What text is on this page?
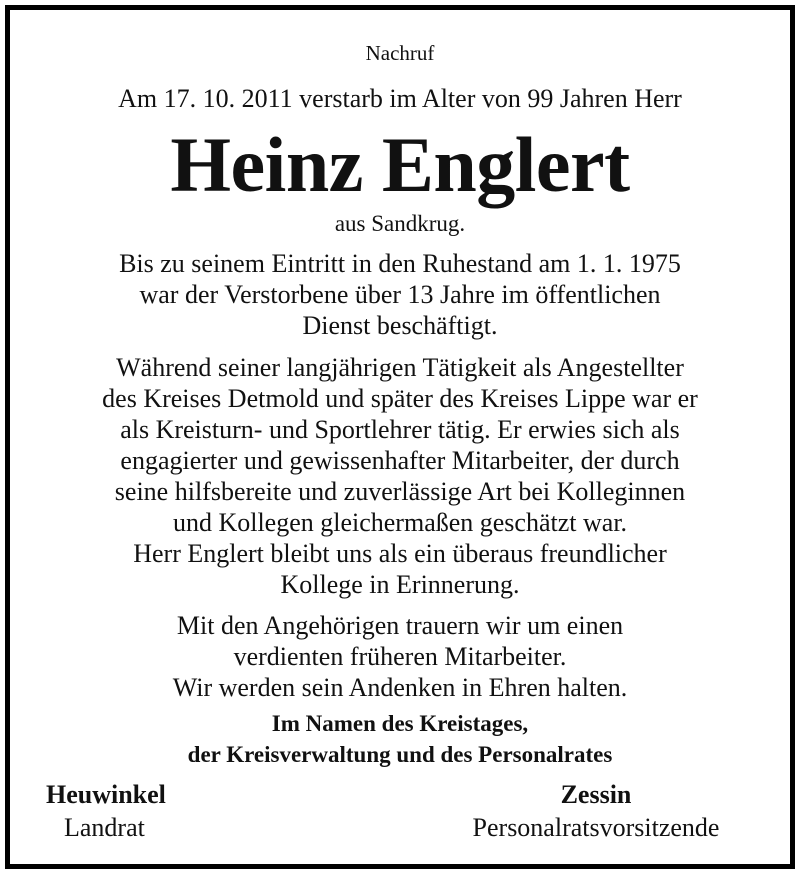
Nachruf
Am 17. 10. 2011 verstarb im Alter von 99 Jahren Herr
Heinz Englert
aus Sandkrug.
Bis zu seinem Eintritt in den Ruhestand am 1. 1. 1975
war der Verstorbene über 13 Jahre im öffentlichen
Dienst beschäftigt.
Während seiner langjährigen Tätigkeit als Angestellter
des Kreises Detmold und später des Kreises Lippe war er
als Kreisturn- und Sportlehrer tätig. Er erwies sich als
engagierter und gewissenhafter Mitarbeiter, der durch
seine hilfsbereite und zuverlässige Art bei Kolleginnen
und Kollegen gleichermaßen geschätzt war.
Herr Englert bleibt uns als ein überaus freundlicher
Kollege in Erinnerung.
Mit den Angehörigen trauern wir um einen
verdienten früheren Mitarbeiter.
Wir werden sein Andenken in Ehren halten.
Im Namen des Kreistages,
der Kreisverwaltung und des Personalrates
Heuwinkel
Landrat
Zessin
Personalratsvorsitzende
